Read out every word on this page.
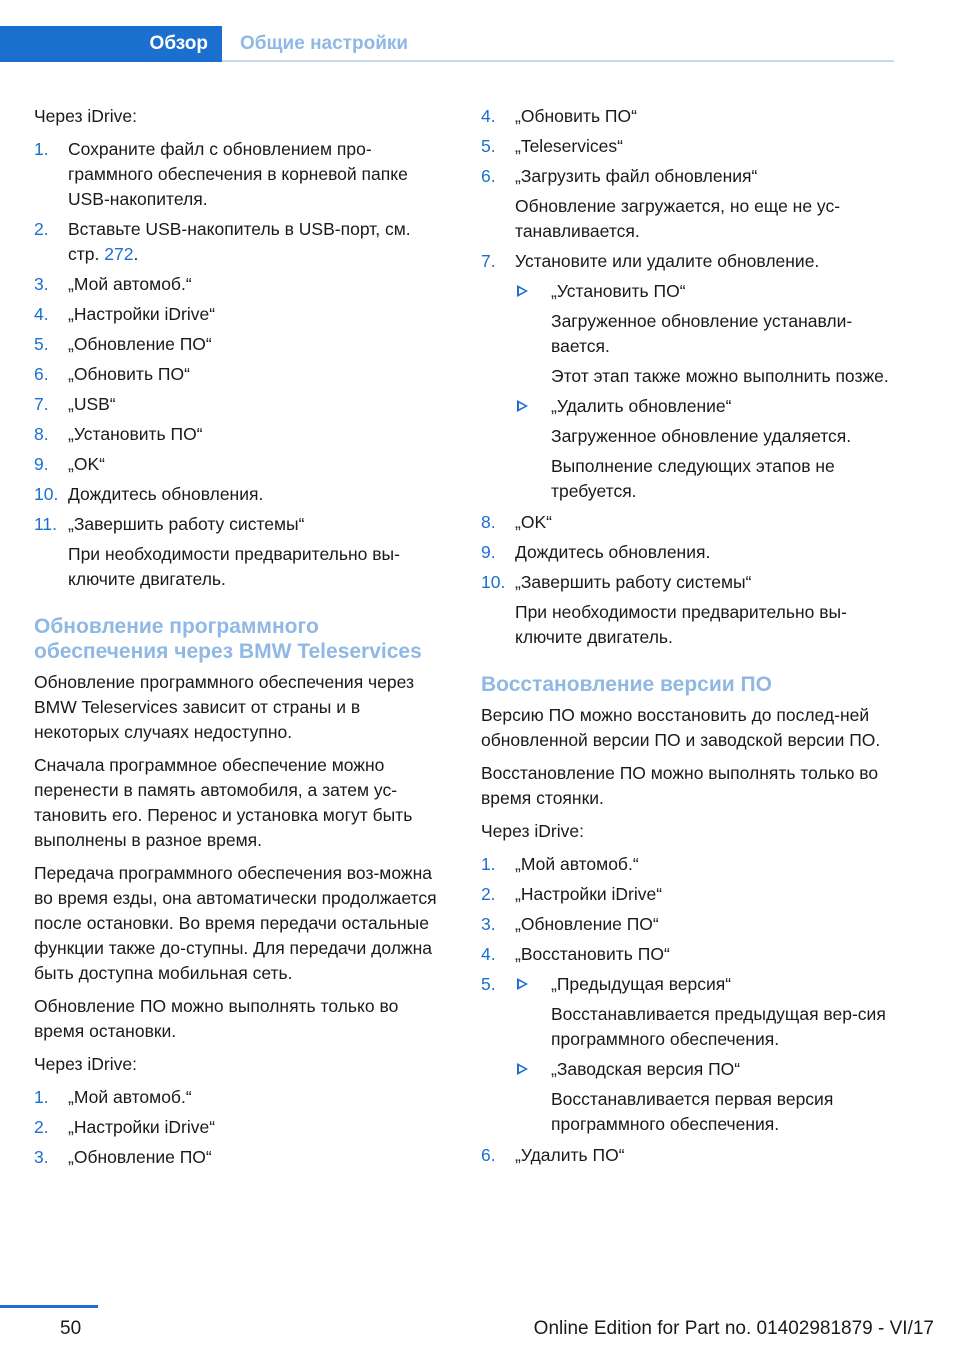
Обзор	Общие настройки

Через iDrive:

1. Сохраните файл с обновлением про-граммного обеспечения в корневой папке USB-накопителя.
2. Вставьте USB-накопитель в USB-порт, см. стр. 272.
3. „Мой автомоб.“
4. „Настройки iDrive“
5. „Обновление ПО“
6. „Обновить ПО“
7. „USB“
8. „Установить ПО“
9. „OK“
10. Дождитесь обновления.
11. „Завершить работу системы“
При необходимости предварительно вы-ключите двигатель.
Обновление программного обеспечения через BMW Teleservices

Обновление программного обеспечения через BMW Teleservices зависит от страны и в некоторых случаях недоступно.

Сначала программное обеспечение можно перенести в память автомобиля, а затем ус-тановить его. Перенос и установка могут быть выполнены в разное время.

Передача программного обеспечения воз-можна во время езды, она автоматически продолжается после остановки. Во время передачи остальные функции также до-ступны. Для передачи должна быть доступна мобильная сеть.

Обновление ПО можно выполнять только во время остановки.

Через iDrive:

1. „Мой автомоб.“
2. „Настройки iDrive“
3. „Обновление ПО“
4. „Обновить ПО“
5. „Teleservices“
6. „Загрузить файл обновления“
Обновление загружается, но еще не ус-танавливается.
7. Установите или удалите обновление.
„Установить ПО“
Загруженное обновление устанавли-вается.
Этот этап также можно выполнить позже.
„Удалить обновление“
Загруженное обновление удаляется.
Выполнение следующих этапов не требуется.
8. „OK“
9. Дождитесь обновления.
10. „Завершить работу системы“
При необходимости предварительно вы-ключите двигатель.
Восстановление версии ПО

Версию ПО можно восстановить до послед-ней обновленной версии ПО и заводской версии ПО.

Восстановление ПО можно выполнять только во время стоянки.

Через iDrive:

1. „Мой автомоб.“
2. „Настройки iDrive“
3. „Обновление ПО“
4. „Восстановить ПО“
5.	„Предыдущая версия“
Восстанавливается предыдущая вер-сия программного обеспечения.
„Заводская версия ПО“
Восстанавливается первая версия программного обеспечения.
6. „Удалить ПО“
50	Online Edition for Part no. 01402981879 - VI/17
